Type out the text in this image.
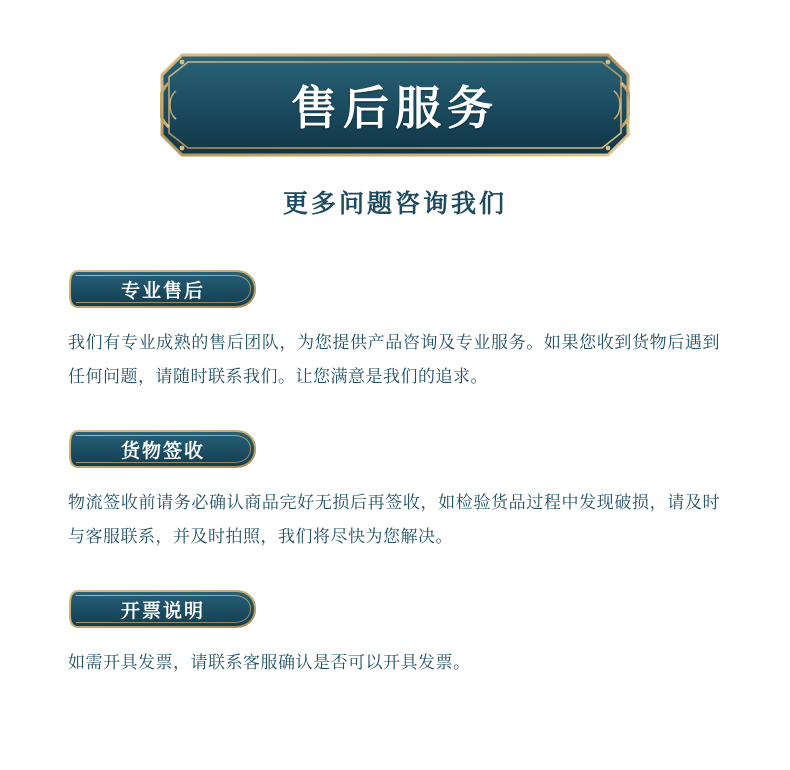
售后服务
更多问题咨询我们
专业售后
我们有专业成熟的售后团队，为您提供产品咨询及专业服务。如果您收到货物后遇到任何问题，请随时联系我们。让您满意是我们的追求。
货物签收
物流签收前请务必确认商品完好无损后再签收，如检验货品过程中发现破损，请及时与客服联系，并及时拍照，我们将尽快为您解决。
开票说明
如需开具发票，请联系客服确认是否可以开具发票。
